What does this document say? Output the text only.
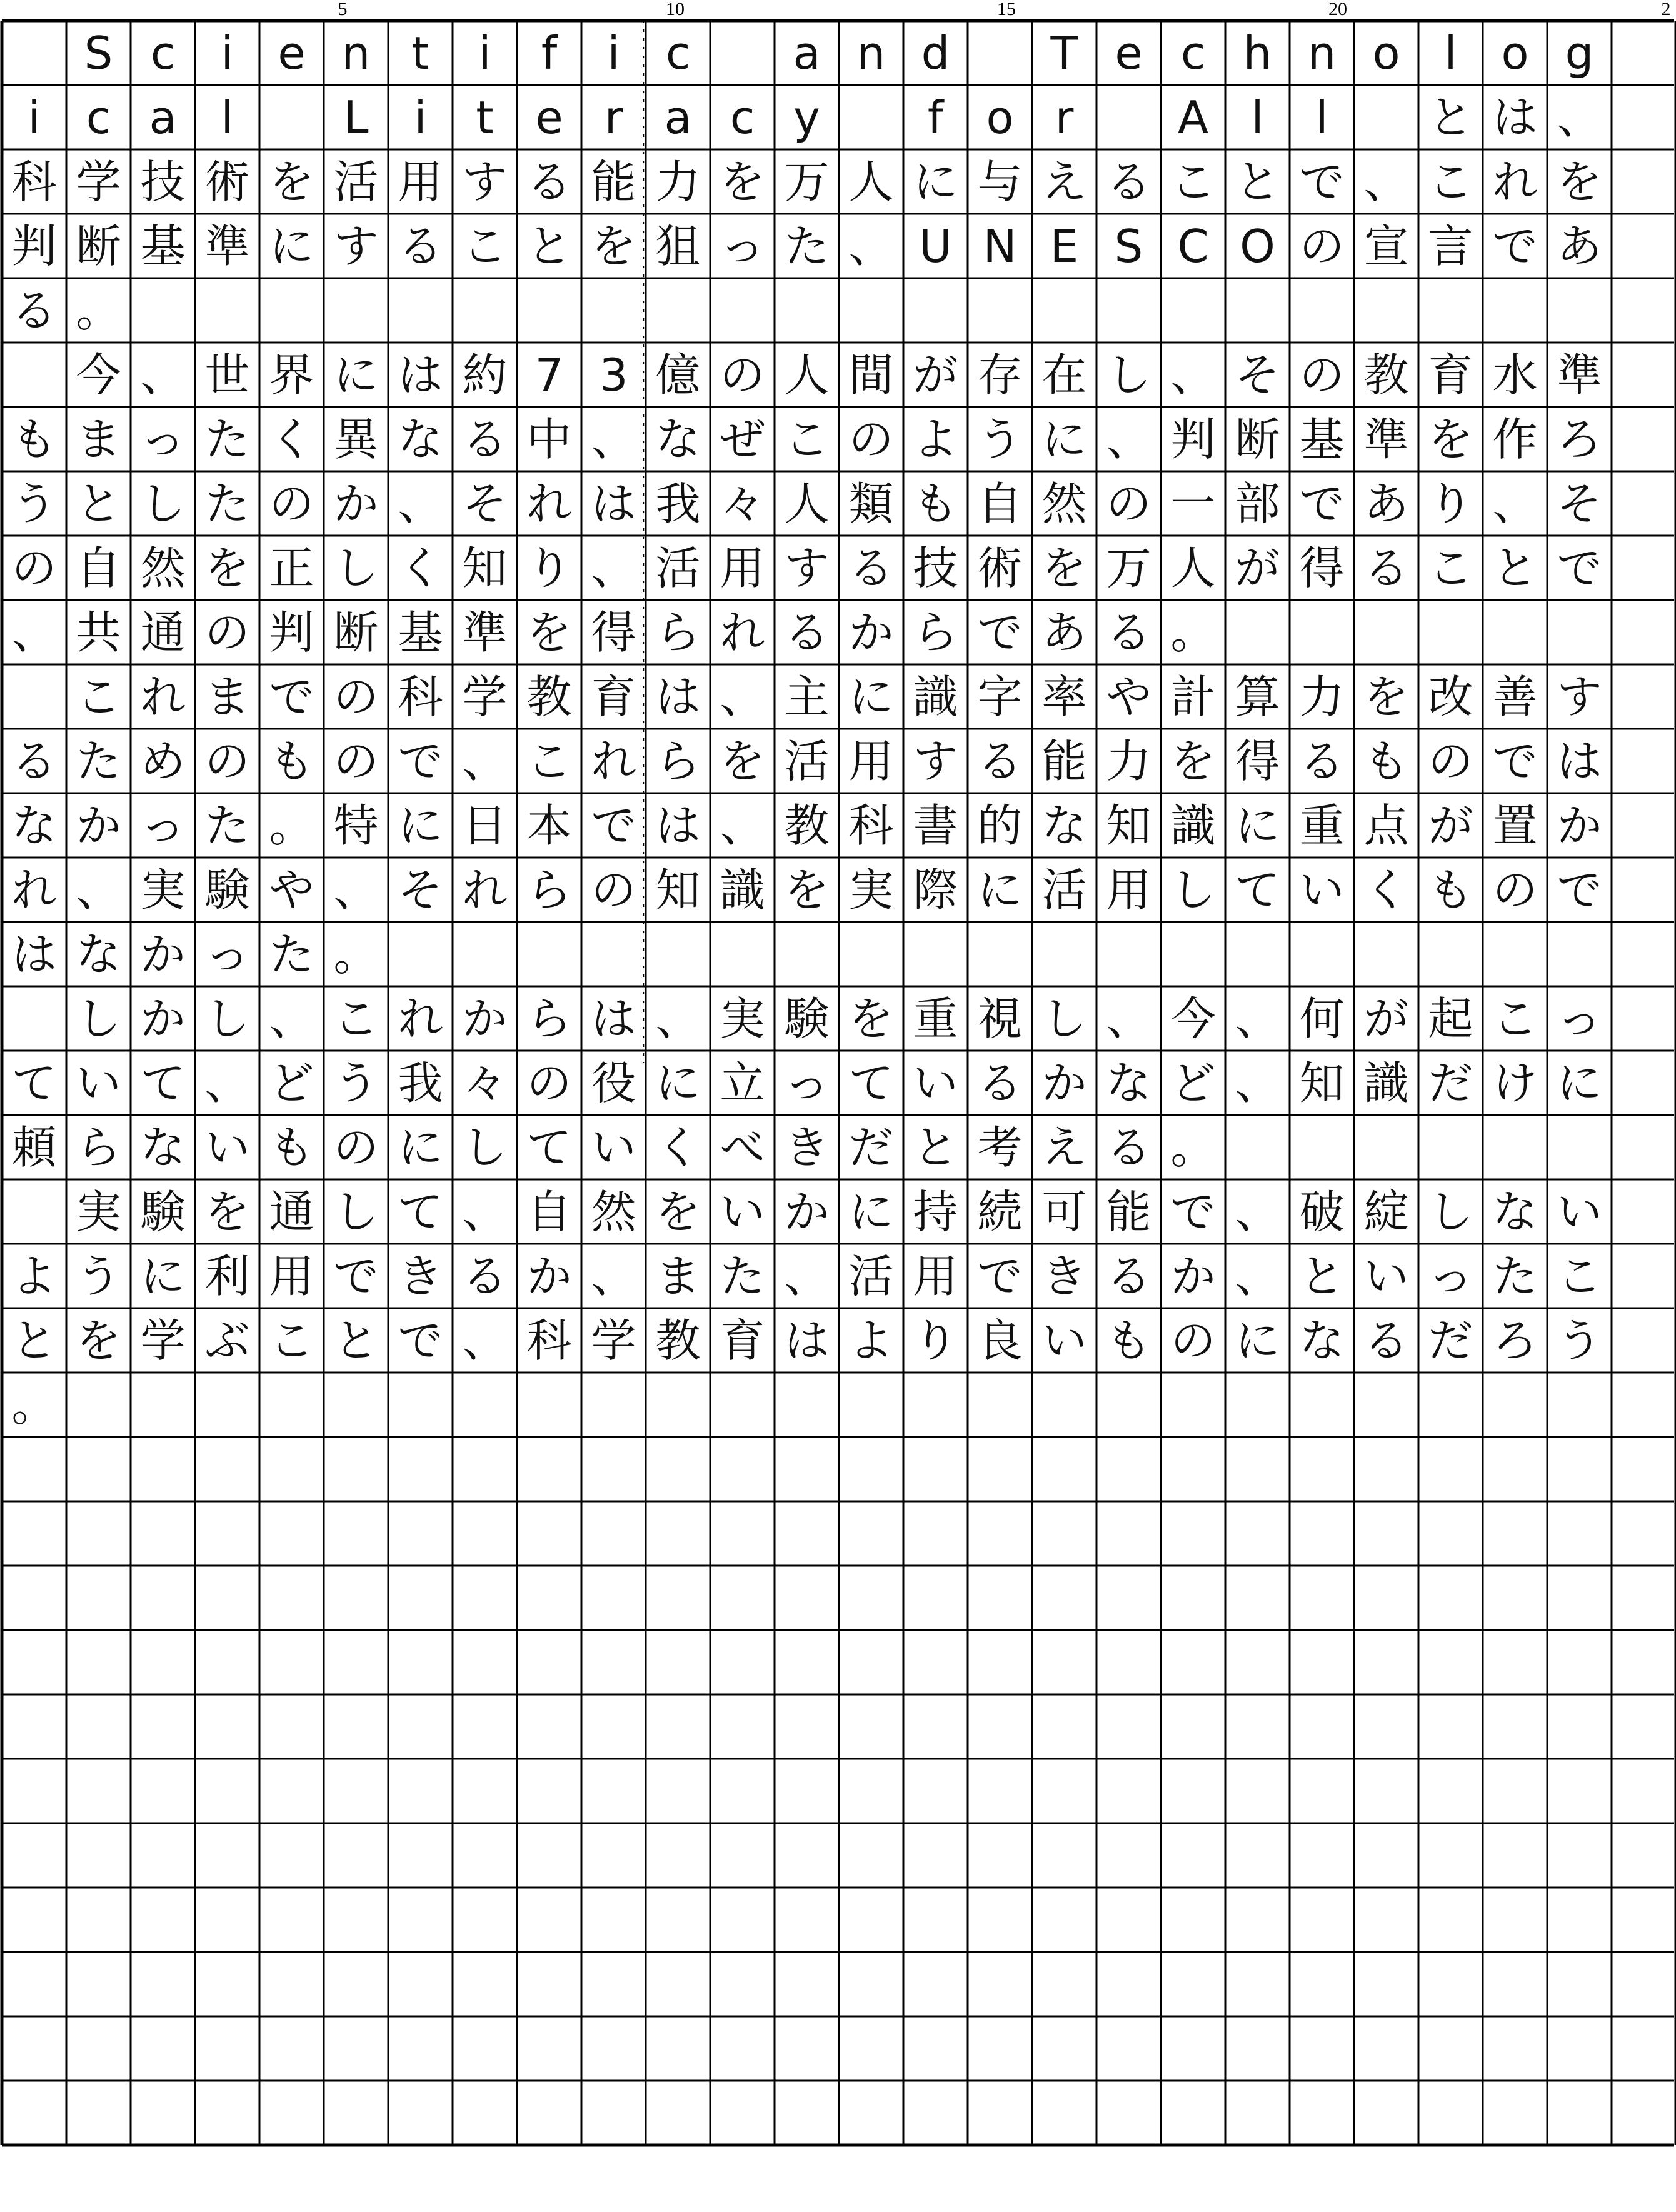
5	10	15	20	2
S c	i e n t	i	f	i	c	a n d	T e c h n o l o g
i	c a l	L	i	t e r a c y	f o r	A l	l	と は 、
科 学 技 術 を 活 用 す る 能 力 を 万 人 に 与 え る こ と で 、 こ れ を
判 断 基 準 に す る こ と を 狙 っ た 、 U N E S C O の 宣 言 で あ
る 。
今 、 世 界 に は 約 7 3 億 の 人 間 が 存 在 し 、 そ の 教 育 水 準
も ま っ た く 異 な る 中 、 な ぜ こ の よ う に 、 判 断 基 準 を 作 ろ
う と し た の か 、 そ れ は 我 々 人 類 も 自 然 の 一 部 で あ り 、 そ
の 自 然 を 正 し く 知 り 、 活 用 す る 技 術 を 万 人 が 得 る こ と で
、 共 通 の 判 断 基 準 を 得 ら れ る か ら で あ る 。
こ れ ま で の 科 学 教 育 は 、 主 に 識 字 率 や 計 算 力 を 改 善 す
る た め の も の で 、 こ れ ら を 活 用 す る 能 力 を 得 る も の で は
な か っ た 。 特 に 日 本 で は 、 教 科 書 的 な 知 識 に 重 点 が 置 か
れ 、 実 験 や 、 そ れ ら の 知 識 を 実 際 に 活 用 し て い く も の で
は な か っ た 。
し か し 、 こ れ か ら は 、 実 験 を 重 視 し 、 今 、 何 が 起 こ っ
て い て 、 ど う 我 々 の 役 に 立 っ て い る か な ど 、 知 識 だ け に
頼 ら な い も の に し て い く べ き だ と 考 え る 。
実 験 を 通 し て 、 自 然 を い か に 持 続 可 能 で 、 破 綻 し な い
よ う に 利 用 で き る か 、 ま た 、 活 用 で き る か 、 と い っ た こ
と を 学 ぶ こ と で 、 科 学 教 育 は よ り 良 い も の に な る だ ろ う
。
